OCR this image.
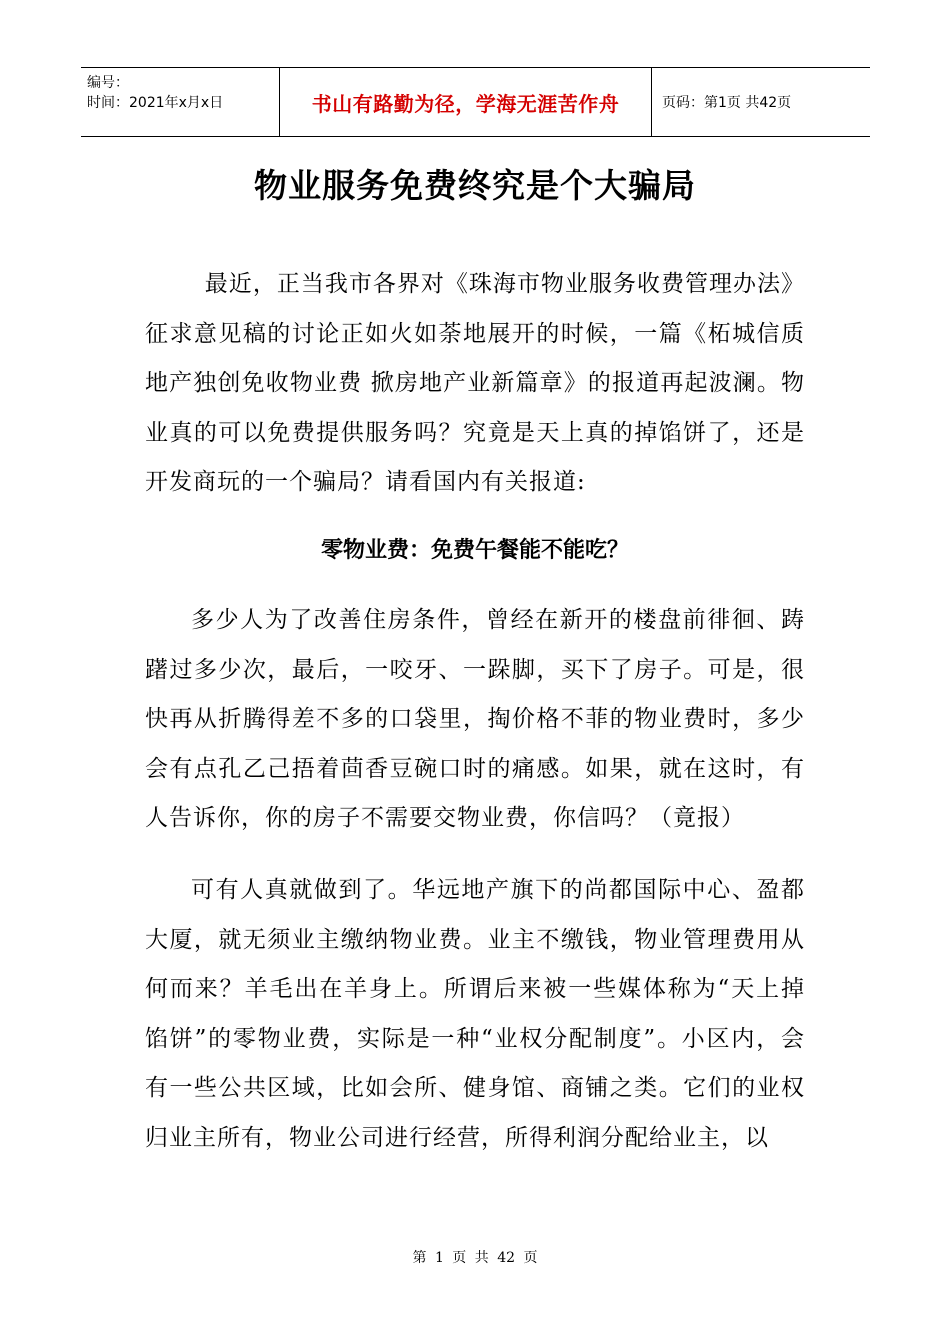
编号：
时间：2021年x月x日	书山有路勤为径，学海无涯苦作舟	页码：第1页 共42页
物业服务免费终究是个大骗局

最近，正当我市各界对《珠海市物业服务收费管理办法》征求意见稿的讨论正如火如荼地展开的时候，一篇《柘城信质地产独创免收物业费 掀房地产业新篇章》的报道再起波澜。物业真的可以免费提供服务吗？究竟是天上真的掉馅饼了，还是开发商玩的一个骗局？请看国内有关报道:

零物业费：免费午餐能不能吃？

多少人为了改善住房条件，曾经在新开的楼盘前徘徊、踌躇过多少次，最后，一咬牙、一跺脚，买下了房子。可是，很快再从折腾得差不多的口袋里，掏价格不菲的物业费时，多少会有点孔乙己捂着茴香豆碗口时的痛感。如果，就在这时，有人告诉你，你的房子不需要交物业费，你信吗？（竟报）

可有人真就做到了。华远地产旗下的尚都国际中心、盈都大厦，就无须业主缴纳物业费。业主不缴钱，物业管理费用从何而来？羊毛出在羊身上。所谓后来被一些媒体称为“天上掉馅饼”的零物业费，实际是一种“业权分配制度”。小区内，会有一些公共区域，比如会所、健身馆、商铺之类。它们的业权归业主所有，物业公司进行经营，所得利润分配给业主，以

第 1 页 共 42 页
